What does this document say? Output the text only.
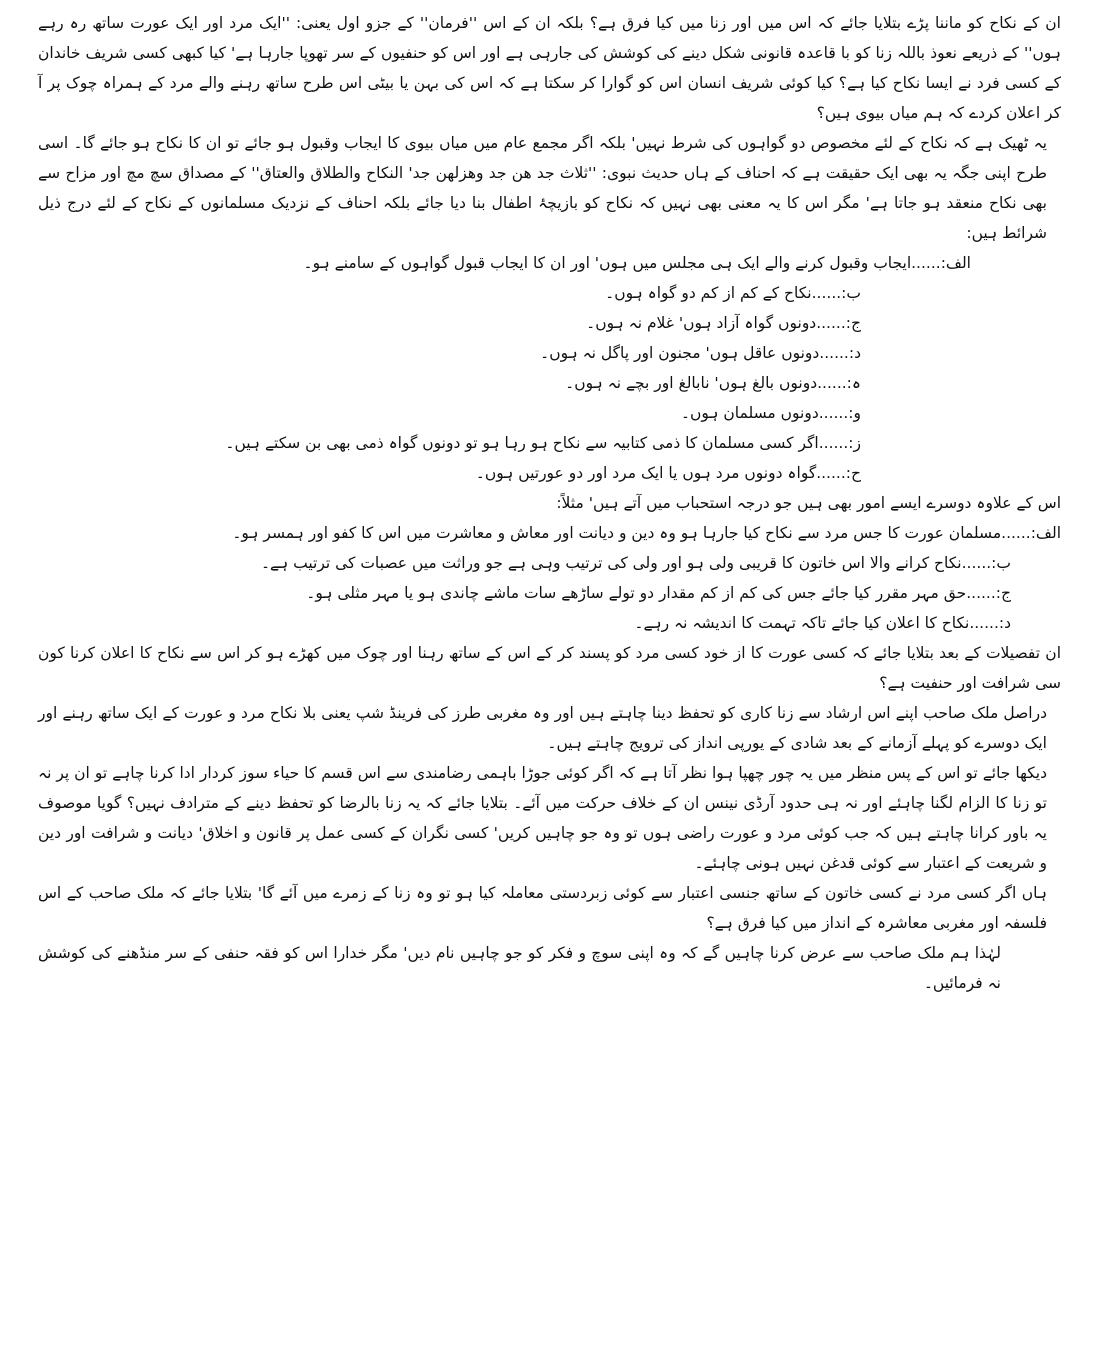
ان کے نکاح کو ماننا پڑے بتلایا جائے کہ اس میں اور زنا میں کیا فرق ہے؟ بلکہ ان کے اس ''فرمان'' کے جزو اول یعنی: ''ایک مرد اور ایک عورت ساتھ رہ رہے ہوں'' کے ذریعے نعوذ باللہ زنا کو با قاعدہ قانونی شکل دینے کی کوشش کی جارہی ہے اور اس کو حنفیوں کے سر تھوپا جارہا ہے' کیا کبھی کسی شریف خاندان کے کسی فرد نے ایسا نکاح کیا ہے؟ کیا کوئی شریف انسان اس کو گوارا کر سکتا ہے کہ اس کی بہن یا بیٹی اس طرح ساتھ رہنے والے مرد کے ہمراہ چوک پر آ کر اعلان کردے کہ ہم میاں بیوی ہیں؟

یہ ٹھیک ہے کہ نکاح کے لئے مخصوص دو گواہوں کی شرط نہیں' بلکہ اگر مجمع عام میں میاں بیوی کا ایجاب وقبول ہو جائے تو ان کا نکاح ہو جائے گا۔ اسی طرح اپنی جگہ یہ بھی ایک حقیقت ہے کہ احناف کے ہاں حدیث نبوی: ''ثلاث جد هن جد وهزلهن جد' النكاح والطلاق والعتاق'' کے مصداق سچ مچ اور مزاح سے بھی نکاح منعقد ہو جاتا ہے' مگر اس کا یہ معنی بھی نہیں کہ نکاح کو بازیچۂ اطفال بنا دیا جائے بلکہ احناف کے نزدیک مسلمانوں کے نکاح کے لئے درج ذیل شرائط ہیں:

الف:......ایجاب وقبول کرنے والے ایک ہی مجلس میں ہوں' اور ان کا ایجاب قبول گواہوں کے سامنے ہو۔

ب:......نکاح کے کم از کم دو گواہ ہوں۔

ج:......دونوں گواہ آزاد ہوں' غلام نہ ہوں۔

د:......دونوں عاقل ہوں' مجنون اور پاگل نہ ہوں۔

ہ:......دونوں بالغ ہوں' نابالغ اور بچے نہ ہوں۔

و:......دونوں مسلمان ہوں۔

ز:......اگر کسی مسلمان کا ذمی کتابیہ سے نکاح ہو رہا ہو تو دونوں گواہ ذمی بھی بن سکتے ہیں۔

ح:......گواہ دونوں مرد ہوں یا ایک مرد اور دو عورتیں ہوں۔

اس کے علاوہ دوسرے ایسے امور بھی ہیں جو درجہ استحباب میں آتے ہیں' مثلاً:

الف:......مسلمان عورت کا جس مرد سے نکاح کیا جارہا ہو وہ دین و دیانت اور معاش و معاشرت میں اس کا کفو اور ہمسر ہو۔

ب:......نکاح کرانے والا اس خاتون کا قریبی ولی ہو اور ولی کی ترتیب وہی ہے جو وراثت میں عصبات کی ترتیب ہے۔

ج:......حق مہر مقرر کیا جائے جس کی کم از کم مقدار دو تولے ساڑھے سات ماشے چاندی ہو یا مہر مثلی ہو۔

د:......نکاح کا اعلان کیا جائے تاکہ تہمت کا اندیشہ نہ رہے۔

ان تفصیلات کے بعد بتلایا جائے کہ کسی عورت کا از خود کسی مرد کو پسند کر کے اس کے ساتھ رہنا اور چوک میں کھڑے ہو کر اس سے نکاح کا اعلان کرنا کون سی شرافت اور حنفیت ہے؟

دراصل ملک صاحب اپنے اس ارشاد سے زنا کاری کو تحفظ دینا چاہتے ہیں اور وہ مغربی طرز کی فرینڈ شپ یعنی بلا نکاح مرد و عورت کے ایک ساتھ رہنے اور ایک دوسرے کو پہلے آزمانے کے بعد شادی کے یورپی انداز کی ترویج چاہتے ہیں۔

دیکھا جائے تو اس کے پس منظر میں یہ چور چھپا ہوا نظر آتا ہے کہ اگر کوئی جوڑا باہمی رضامندی سے اس قسم کا حیاء سوز کردار ادا کرنا چاہے تو ان پر نہ تو زنا کا الزام لگنا چاہئے اور نہ ہی حدود آرڈی نینس ان کے خلاف حرکت میں آئے۔ بتلایا جائے کہ یہ زنا بالرضا کو تحفظ دینے کے مترادف نہیں؟ گویا موصوف یہ باور کرانا چاہتے ہیں کہ جب کوئی مرد و عورت راضی ہوں تو وہ جو چاہیں کریں' کسی نگران کے کسی عمل پر قانون و اخلاق' دیانت و شرافت اور دین و شریعت کے اعتبار سے کوئی قدغن نہیں ہونی چاہئے۔

ہاں اگر کسی مرد نے کسی خاتون کے ساتھ جنسی اعتبار سے کوئی زبردستی معاملہ کیا ہو تو وہ زنا کے زمرے میں آئے گا' بتلایا جائے کہ ملک صاحب کے اس فلسفہ اور مغربی معاشرہ کے انداز میں کیا فرق ہے؟

لہٰذا ہم ملک صاحب سے عرض کرنا چاہیں گے کہ وہ اپنی سوچ و فکر کو جو چاہیں نام دیں' مگر خدارا اس کو فقہ حنفی کے سر منڈھنے کی کوشش نہ فرمائیں۔
